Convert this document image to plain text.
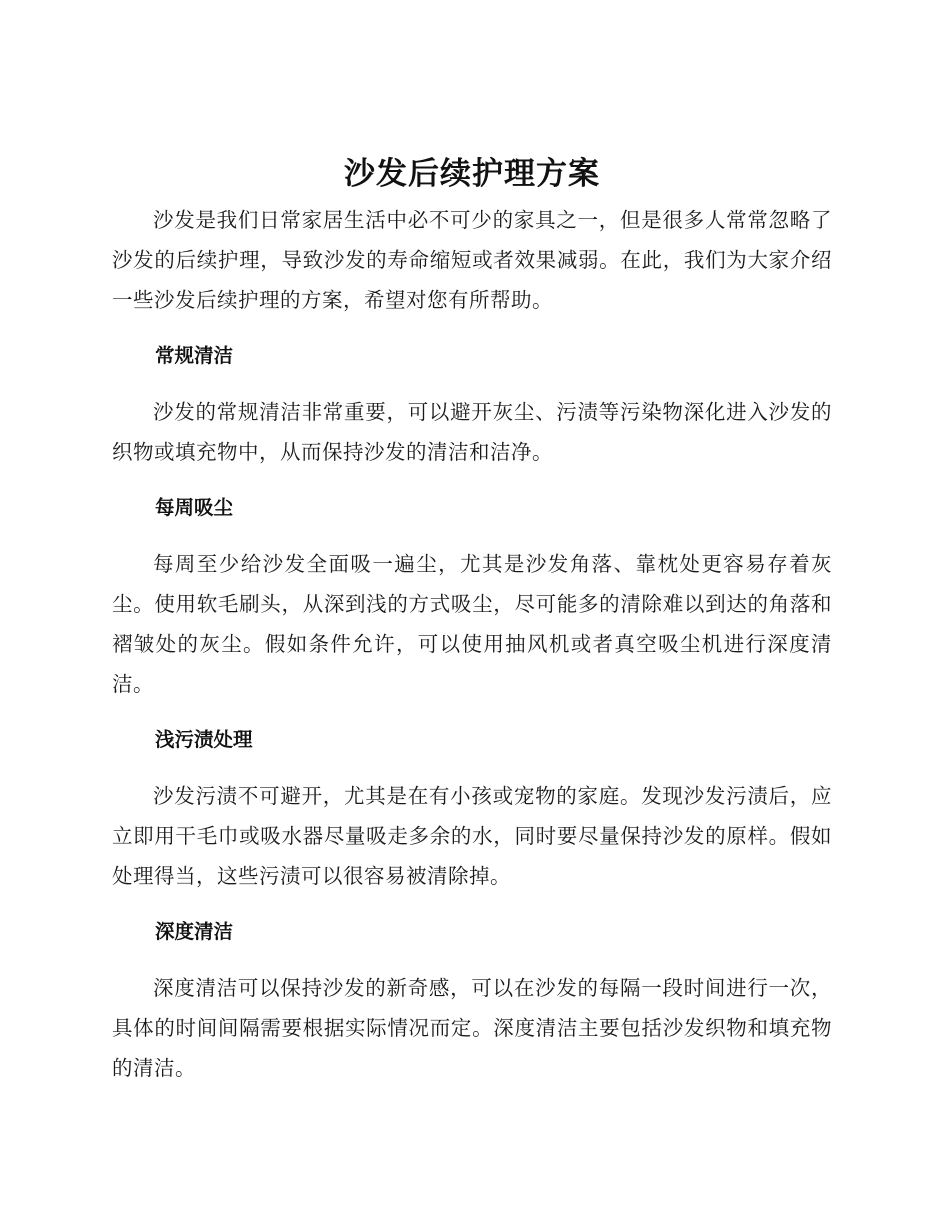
沙发后续护理方案

沙发是我们日常家居生活中必不可少的家具之一，但是很多人常常忽略了沙发的后续护理，导致沙发的寿命缩短或者效果减弱。在此，我们为大家介绍一些沙发后续护理的方案，希望对您有所帮助。

常规清洁

沙发的常规清洁非常重要，可以避开灰尘、污渍等污染物深化进入沙发的织物或填充物中，从而保持沙发的清洁和洁净。

每周吸尘

每周至少给沙发全面吸一遍尘，尤其是沙发角落、靠枕处更容易存着灰尘。使用软毛刷头，从深到浅的方式吸尘，尽可能多的清除难以到达的角落和褶皱处的灰尘。假如条件允许，可以使用抽风机或者真空吸尘机进行深度清洁。

浅污渍处理

沙发污渍不可避开，尤其是在有小孩或宠物的家庭。发现沙发污渍后，应立即用干毛巾或吸水器尽量吸走多余的水，同时要尽量保持沙发的原样。假如处理得当，这些污渍可以很容易被清除掉。

深度清洁

深度清洁可以保持沙发的新奇感，可以在沙发的每隔一段时间进行一次，具体的时间间隔需要根据实际情况而定。深度清洁主要包括沙发织物和填充物的清洁。
